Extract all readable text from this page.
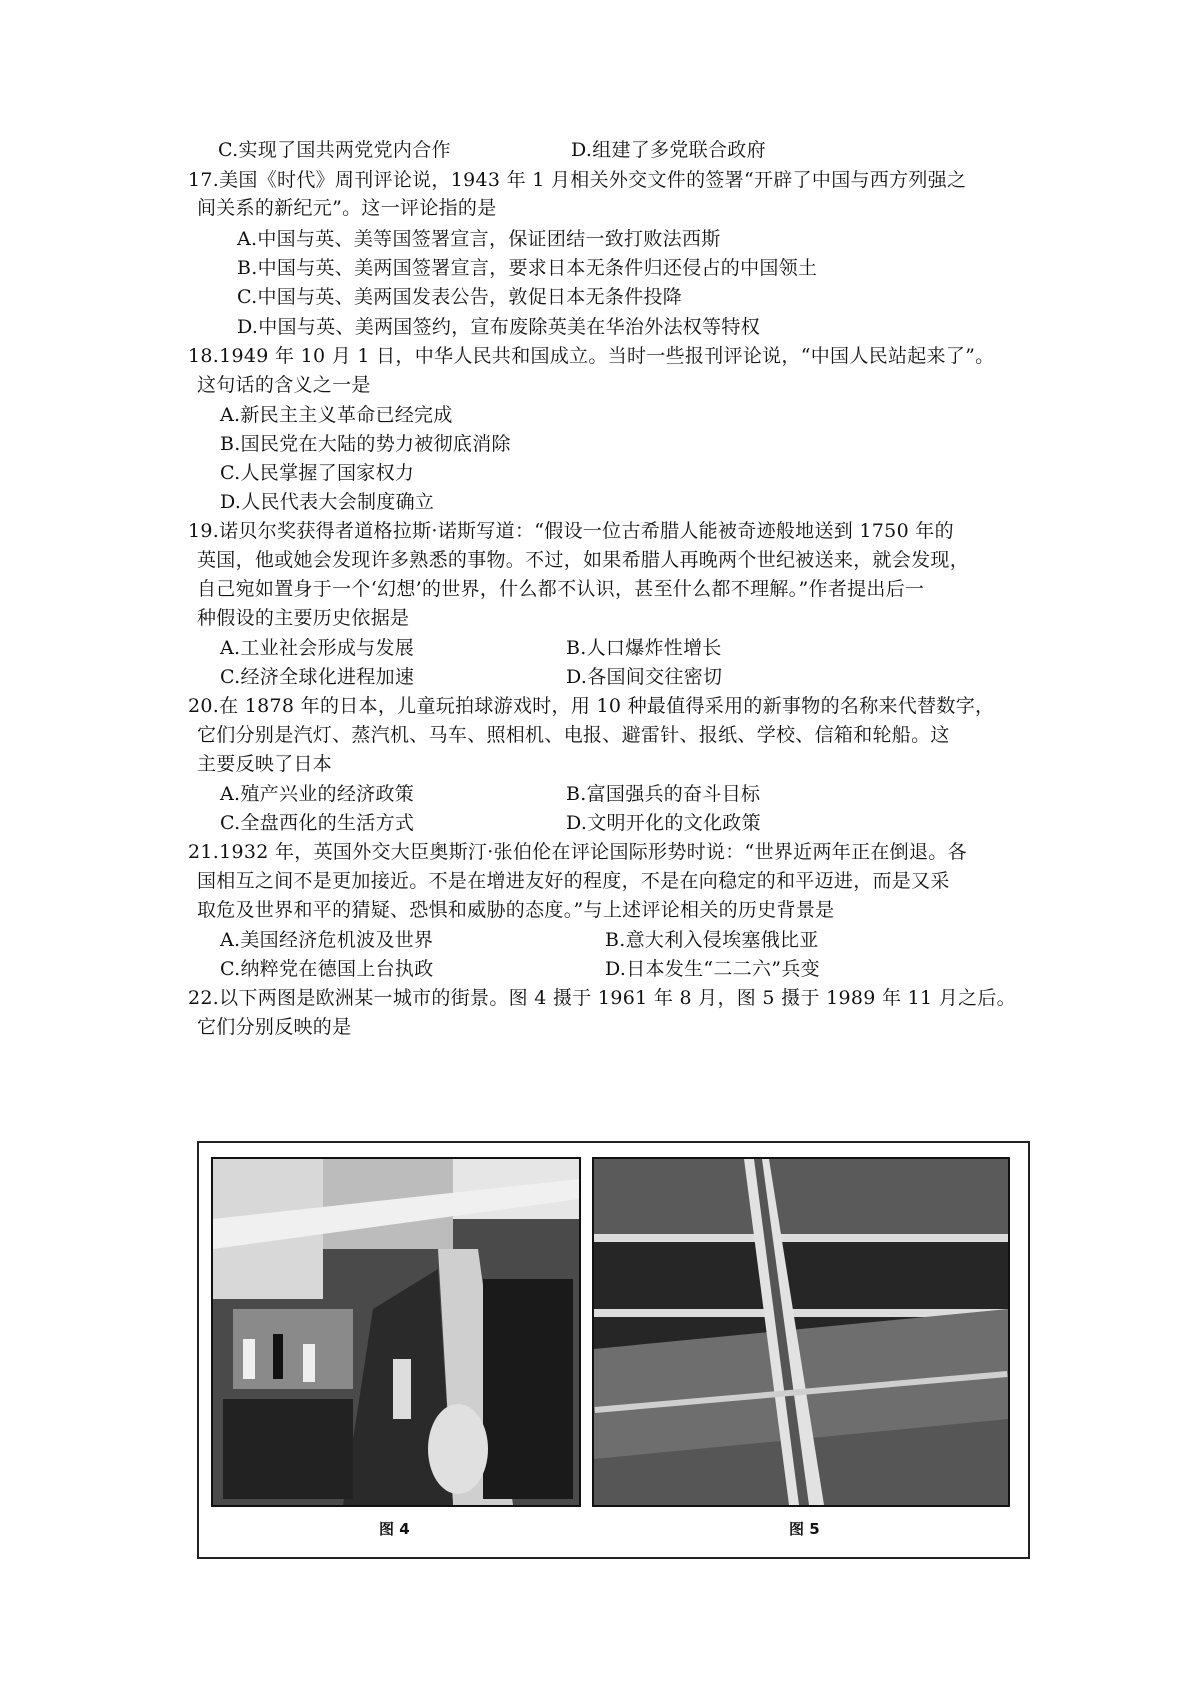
C.实现了国共两党党内合作	D.组建了多党联合政府
17.美国《时代》周刊评论说，1943 年 1 月相关外交文件的签署“开辟了中国与西方列强之
间关系的新纪元”。这一评论指的是
A.中国与英、美等国签署宣言，保证团结一致打败法西斯
B.中国与英、美两国签署宣言，要求日本无条件归还侵占的中国领土
C.中国与英、美两国发表公告，敦促日本无条件投降
D.中国与英、美两国签约，宣布废除英美在华治外法权等特权
18.1949 年 10 月 1 日，中华人民共和国成立。当时一些报刊评论说，“中国人民站起来了”。
这句话的含义之一是
A.新民主主义革命已经完成
B.国民党在大陆的势力被彻底消除
C.人民掌握了国家权力
D.人民代表大会制度确立
19.诺贝尔奖获得者道格拉斯·诺斯写道：“假设一位古希腊人能被奇迹般地送到 1750 年的
英国，他或她会发现许多熟悉的事物。不过，如果希腊人再晚两个世纪被送来，就会发现，
自己宛如置身于一个‘幻想’的世界，什么都不认识，甚至什么都不理解。”作者提出后一
种假设的主要历史依据是
A.工业社会形成与发展	B.人口爆炸性增长
C.经济全球化进程加速	D.各国间交往密切
20.在 1878 年的日本，儿童玩拍球游戏时，用 10 种最值得采用的新事物的名称来代替数字，
它们分别是汽灯、蒸汽机、马车、照相机、电报、避雷针、报纸、学校、信箱和轮船。这
主要反映了日本
A.殖产兴业的经济政策	B.富国强兵的奋斗目标
C.全盘西化的生活方式	D.文明开化的文化政策
21.1932 年，英国外交大臣奥斯汀·张伯伦在评论国际形势时说：“世界近两年正在倒退。各
国相互之间不是更加接近。不是在增进友好的程度，不是在向稳定的和平迈进，而是又采
取危及世界和平的猜疑、恐惧和威胁的态度。”与上述评论相关的历史背景是
A.美国经济危机波及世界	B.意大利入侵埃塞俄比亚
C.纳粹党在德国上台执政	D.日本发生“二二六”兵变
22.以下两图是欧洲某一城市的街景。图 4 摄于 1961 年 8 月，图 5 摄于 1989 年 11 月之后。
它们分别反映的是
图 4	图 5
